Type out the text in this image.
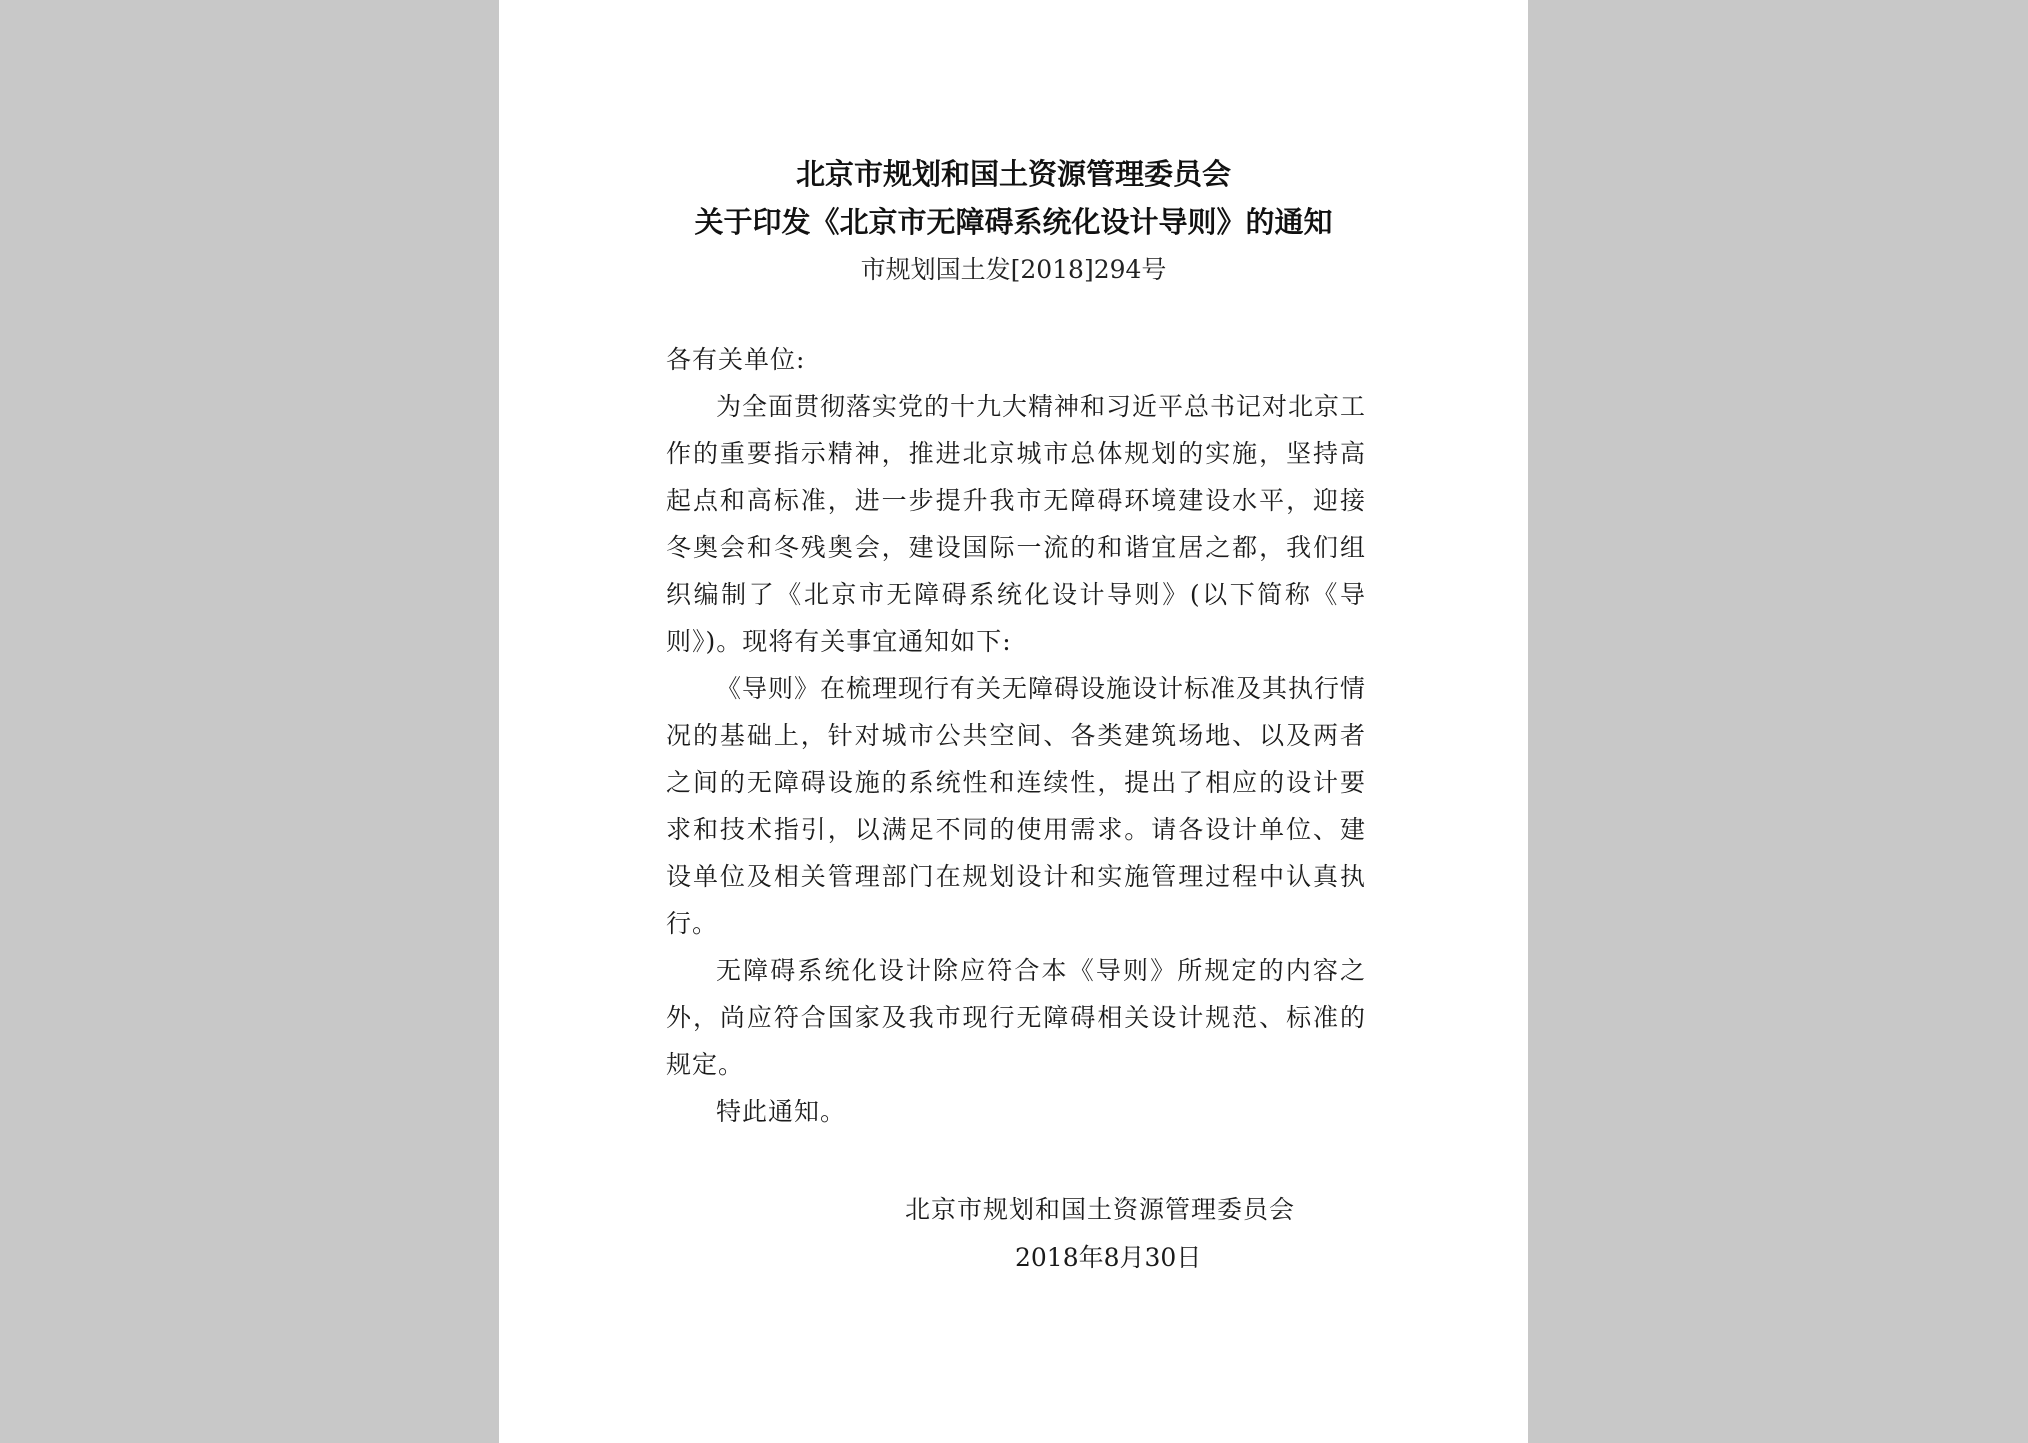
北京市规划和国土资源管理委员会
关于印发《北京市无障碍系统化设计导则》的通知
市规划国土发[2018]294号
各有关单位:

为全面贯彻落实党的十九大精神和习近平总书记对北京工作的重要指示精神，推进北京城市总体规划的实施，坚持高起点和高标准，进一步提升我市无障碍环境建设水平，迎接冬奥会和冬残奥会，建设国际一流的和谐宜居之都，我们组织编制了《北京市无障碍系统化设计导则》(以下简称《导则》)。现将有关事宜通知如下:

《导则》在梳理现行有关无障碍设施设计标准及其执行情况的基础上，针对城市公共空间、各类建筑场地、以及两者之间的无障碍设施的系统性和连续性，提出了相应的设计要求和技术指引，以满足不同的使用需求。请各设计单位、建设单位及相关管理部门在规划设计和实施管理过程中认真执行。

无障碍系统化设计除应符合本《导则》所规定的内容之外，尚应符合国家及我市现行无障碍相关设计规范、标准的规定。

特此通知。

北京市规划和国土资源管理委员会
2018年8月30日
